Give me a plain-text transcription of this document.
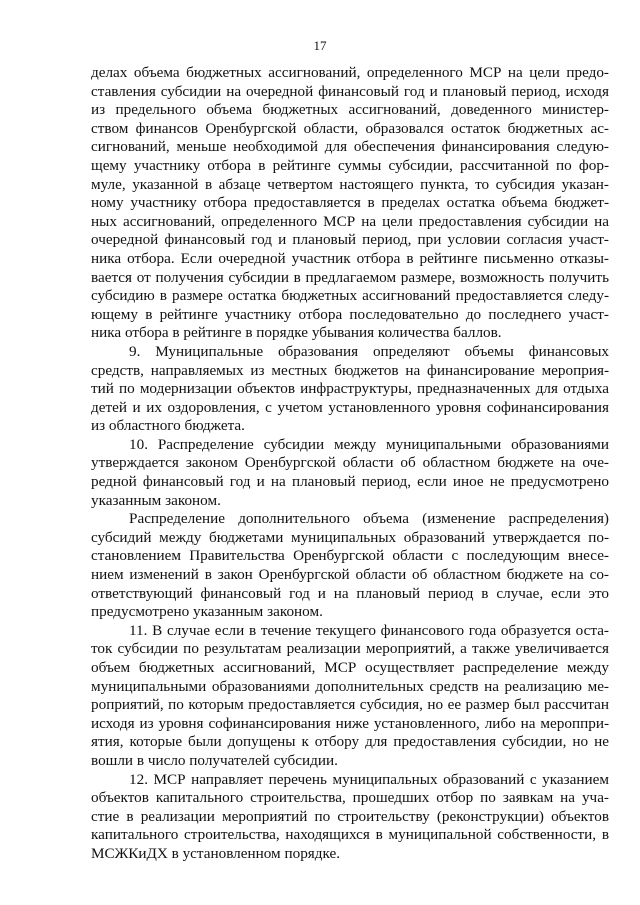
17
делах объема бюджетных ассигнований, определенного МСР на цели предо-
ставления субсидии на очередной финансовый год и плановый период, исходя
из предельного объема бюджетных ассигнований, доведенного министер-
ством финансов Оренбургской области, образовался остаток бюджетных ас-
сигнований, меньше необходимой для обеспечения финансирования следую-
щему участнику отбора в рейтинге суммы субсидии, рассчитанной по фор-
муле, указанной в абзаце четвертом настоящего пункта, то субсидия указан-
ному участнику отбора предоставляется в пределах остатка объема бюджет-
ных ассигнований, определенного МСР на цели предоставления субсидии на
очередной финансовый год и плановый период, при условии согласия участ-
ника отбора. Если очередной участник отбора в рейтинге письменно отказы-
вается от получения субсидии в предлагаемом размере, возможность получить
субсидию в размере остатка бюджетных ассигнований предоставляется следу-
ющему в рейтинге участнику отбора последовательно до последнего участ-
ника отбора в рейтинге в порядке убывания количества баллов.
9. Муниципальные образования определяют объемы финансовых
средств, направляемых из местных бюджетов на финансирование мероприя-
тий по модернизации объектов инфраструктуры, предназначенных для отдыха
детей и их оздоровления, с учетом установленного уровня софинансирования
из областного бюджета.
10. Распределение субсидии между муниципальными образованиями
утверждается законом Оренбургской области об областном бюджете на оче-
редной финансовый год и на плановый период, если иное не предусмотрено
указанным законом.
Распределение дополнительного объема (изменение распределения)
субсидий между бюджетами муниципальных образований утверждается по-
становлением Правительства Оренбургской области с последующим внесе-
нием изменений в закон Оренбургской области об областном бюджете на со-
ответствующий финансовый год и на плановый период в случае, если это
предусмотрено указанным законом.
11. В случае если в течение текущего финансового года образуется оста-
ток субсидии по результатам реализации мероприятий, а также увеличивается
объем бюджетных ассигнований, МСР осуществляет распределение между
муниципальными образованиями дополнительных средств на реализацию ме-
роприятий, по которым предоставляется субсидия, но ее размер был рассчитан
исходя из уровня софинансирования ниже установленного, либо на мероппри-
ятия, которые были допущены к отбору для предоставления субсидии, но не
вошли в число получателей субсидии.
12. МСР направляет перечень муниципальных образований с указанием
объектов капитального строительства, прошедших отбор по заявкам на уча-
стие в реализации мероприятий по строительству (реконструкции) объектов
капитального строительства, находящихся в муниципальной собственности, в
МСЖКиДХ в установленном порядке.
